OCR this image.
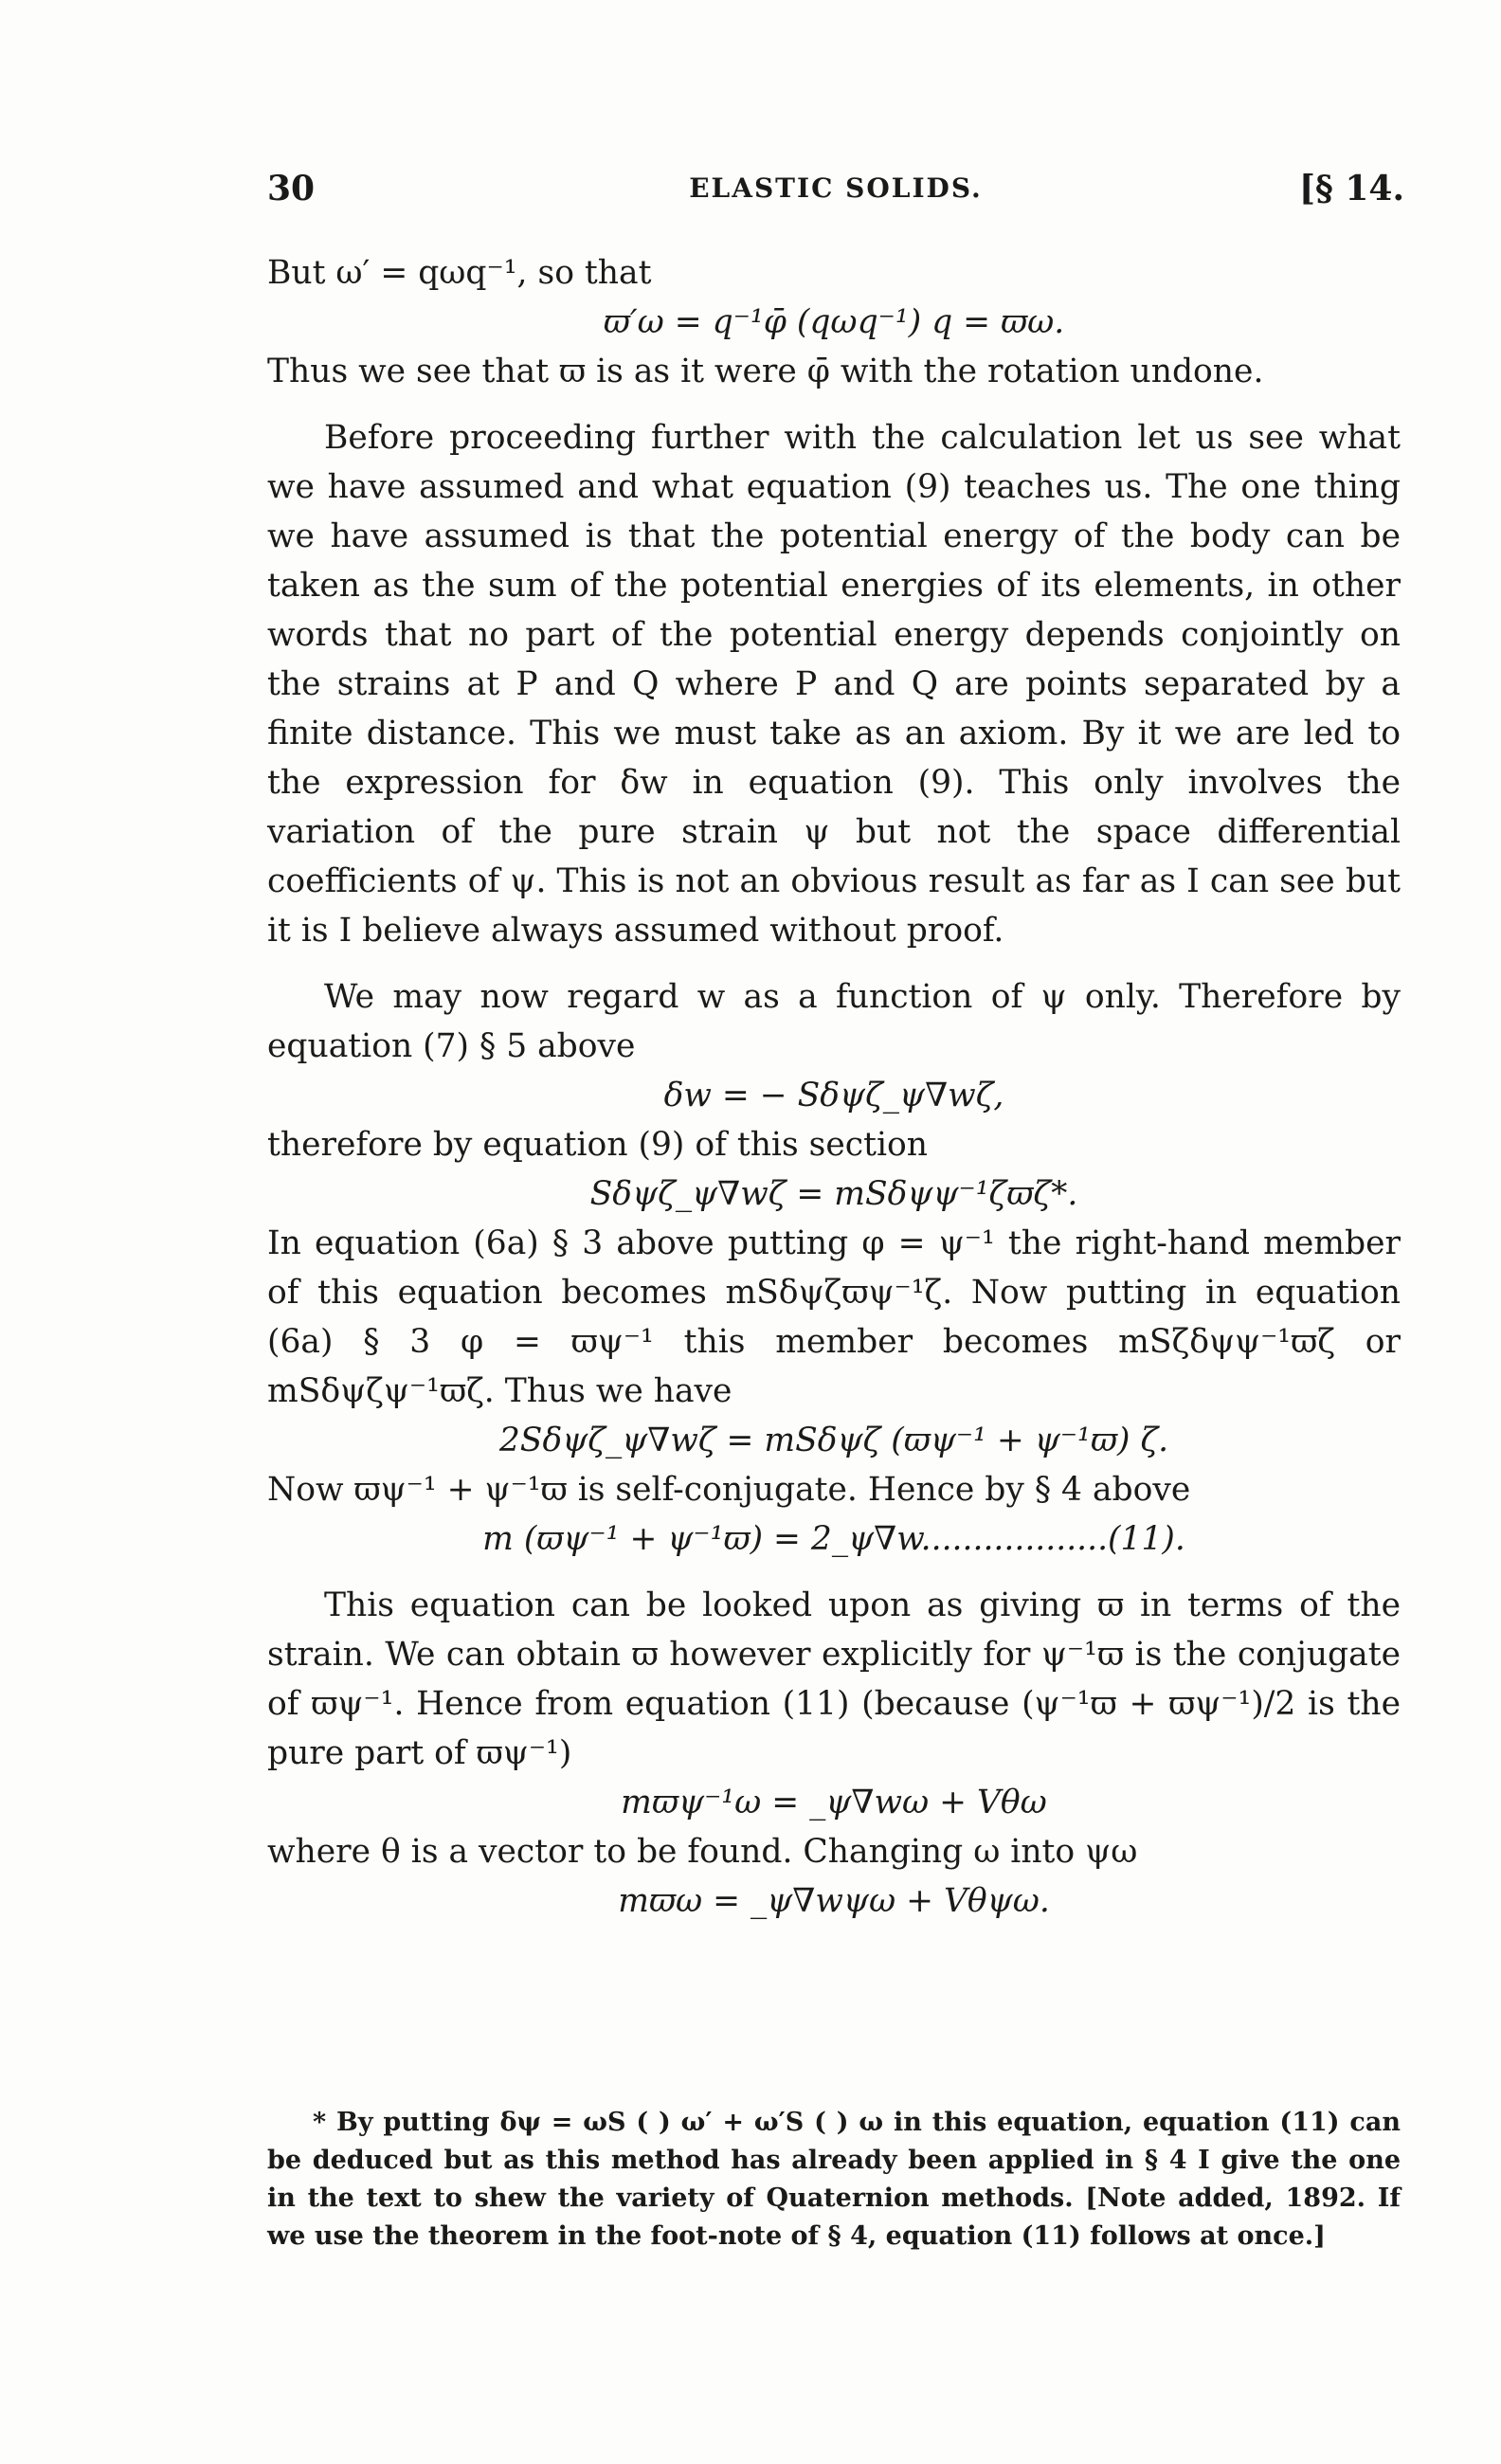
30	ELASTIC SOLIDS.	[§ 14.

But ω′ = qωq⁻¹, so that

ϖ′ω = q⁻¹φ̄ (qωq⁻¹) q = ϖω.

Thus we see that ϖ is as it were φ̄ with the rotation undone.

Before proceeding further with the calculation let us see what we have assumed and what equation (9) teaches us. The one thing we have assumed is that the potential energy of the body can be taken as the sum of the potential energies of its elements, in other words that no part of the potential energy depends conjointly on the strains at P and Q where P and Q are points separated by a finite distance. This we must take as an axiom. By it we are led to the expression for δw in equation (9). This only involves the variation of the pure strain ψ but not the space differential coefficients of ψ. This is not an obvious result as far as I can see but it is I believe always assumed without proof.

We may now regard w as a function of ψ only. Therefore by equation (7) § 5 above

δw = − Sδψζ_ψ∇wζ,

therefore by equation (9) of this section

Sδψζ_ψ∇wζ = mSδψψ⁻¹ζϖζ*.

In equation (6a) § 3 above putting φ = ψ⁻¹ the right-hand member of this equation becomes mSδψζϖψ⁻¹ζ. Now putting in equation (6a) § 3 φ = ϖψ⁻¹ this member becomes mSζδψψ⁻¹ϖζ or mSδψζψ⁻¹ϖζ. Thus we have

2Sδψζ_ψ∇wζ = mSδψζ (ϖψ⁻¹ + ψ⁻¹ϖ) ζ.

Now ϖψ⁻¹ + ψ⁻¹ϖ is self-conjugate. Hence by § 4 above

m (ϖψ⁻¹ + ψ⁻¹ϖ) = 2_ψ∇w..................(11).

This equation can be looked upon as giving ϖ in terms of the strain. We can obtain ϖ however explicitly for ψ⁻¹ϖ is the conjugate of ϖψ⁻¹. Hence from equation (11) (because (ψ⁻¹ϖ + ϖψ⁻¹)/2 is the pure part of ϖψ⁻¹)

mϖψ⁻¹ω = _ψ∇wω + Vθω

where θ is a vector to be found. Changing ω into ψω

mϖω = _ψ∇wψω + Vθψω.

* By putting δψ = ωS ( ) ω′ + ω′S ( ) ω in this equation, equation (11) can be deduced but as this method has already been applied in § 4 I give the one in the text to shew the variety of Quaternion methods. [Note added, 1892. If we use the theorem in the foot-note of § 4, equation (11) follows at once.]
